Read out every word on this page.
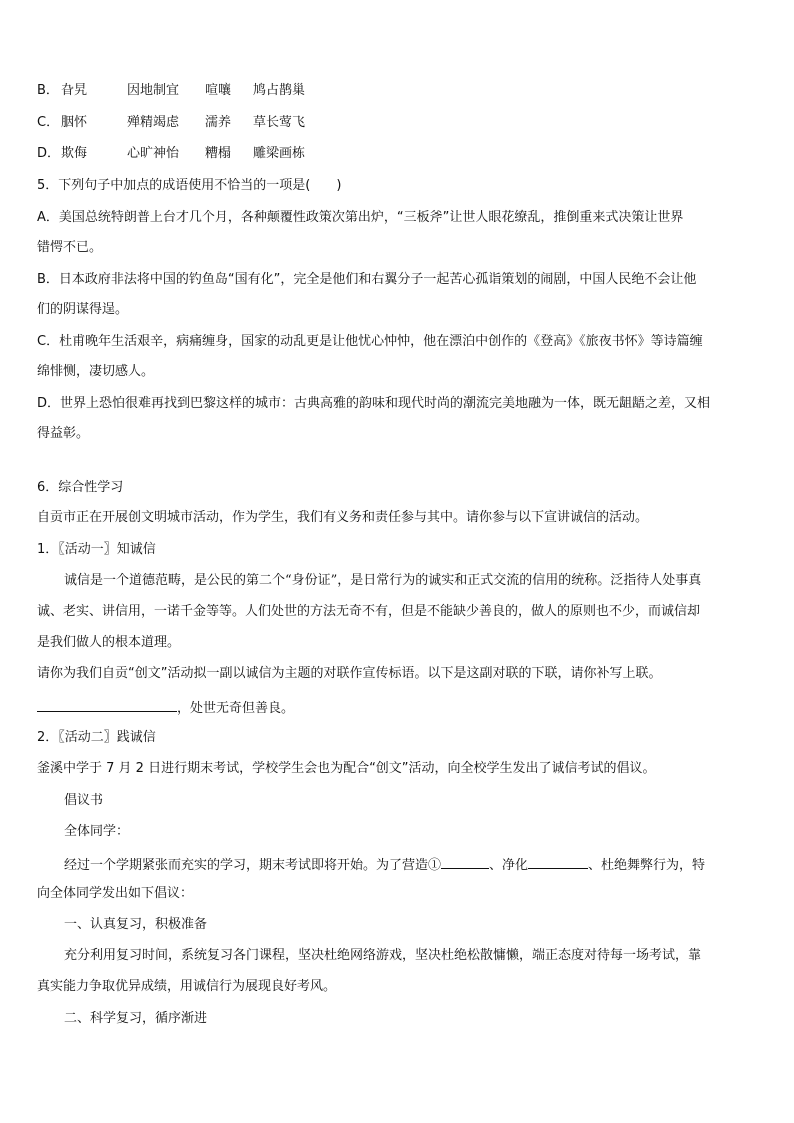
B． 旮旯	因地制宜 喧嚷 鸠占鹊巢
C． 胭怀	殚精竭虑 濡养 草长莺飞
D．欺侮	心旷神怡 糟榻 雕梁画栋
5．下列句子中加点的成语使用不恰当的一项是(　　)
A．美国总统特朗普上台才几个月，各种颠覆性政策次第出炉，“三板斧”让世人眼花缭乱，推倒重来式决策让世界
错愕不已。
B．日本政府非法将中国的钓鱼岛“国有化”，完全是他们和右翼分子一起苦心孤诣策划的闹剧，中国人民绝不会让他
们的阴谋得逞。
C．杜甫晚年生活艰辛，病痛缠身，国家的动乱更是让他忧心忡忡，他在漂泊中创作的《登高》《旅夜书怀》等诗篇缠
绵悱恻，凄切感人。
D．世界上恐怕很难再找到巴黎这样的城市：古典高雅的韵味和现代时尚的潮流完美地融为一体，既无龃龉之差，又相
得益彰。
6．综合性学习
自贡市正在开展创文明城市活动，作为学生，我们有义务和责任参与其中。请你参与以下宣讲诚信的活动。
1．〖活动一〗知诚信
诚信是一个道德范畴，是公民的第二个“身份证”，是日常行为的诚实和正式交流的信用的统称。泛指待人处事真
诚、老实、讲信用，一诺千金等等。人们处世的方法无奇不有，但是不能缺少善良的，做人的原则也不少，而诚信却
是我们做人的根本道理。
请你为我们自贡“创文”活动拟一副以诚信为主题的对联作宣传标语。以下是这副对联的下联，请你补写上联。
，处世无奇但善良。
2．〖活动二〗践诚信
釜溪中学于 7 月 2 日进行期末考试，学校学生会也为配合“创文”活动，向全校学生发出了诚信考试的倡议。
倡议书
全体同学：
经过一个学期紧张而充实的学习，期末考试即将开始。为了营造①	、净化	、杜绝舞弊行为，特
向全体同学发出如下倡议：
一、认真复习，积极准备
充分利用复习时间，系统复习各门课程，坚决杜绝网络游戏，坚决杜绝松散慵懒，端正态度对待每一场考试，靠
真实能力争取优异成绩，用诚信行为展现良好考风。
二、科学复习，循序渐进
